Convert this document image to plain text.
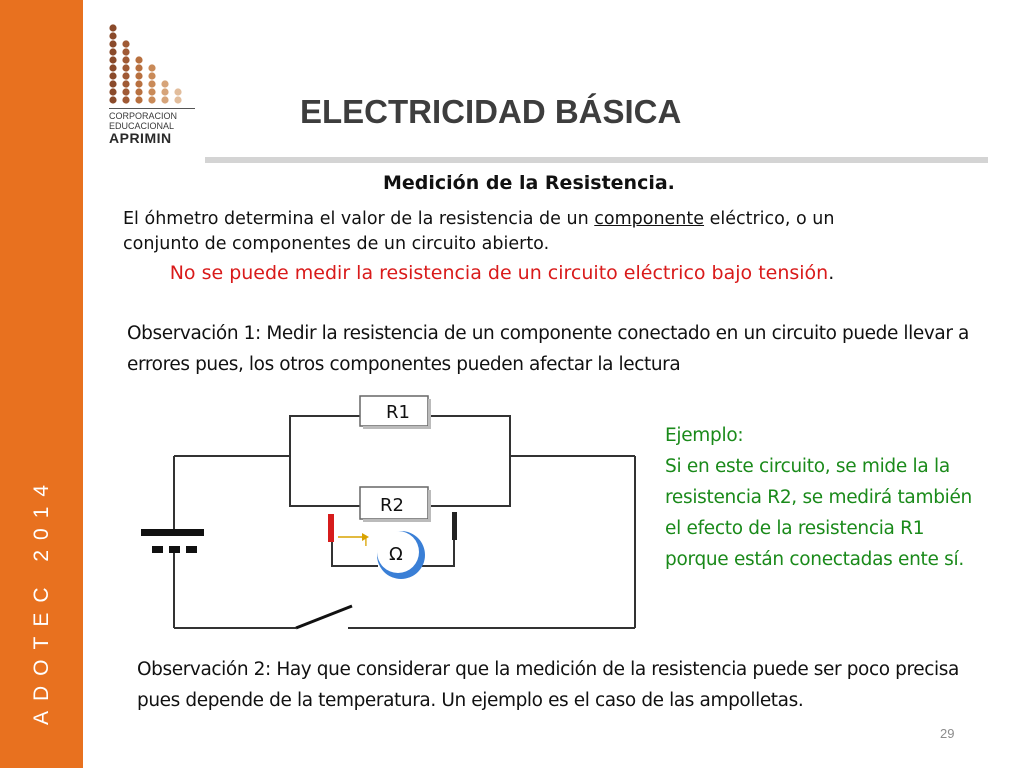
ADOTEC 2014
CORPORACION
EDUCACIONAL
APRIMIN
ELECTRICIDAD BÁSICA
Medición de la Resistencia.
El óhmetro determina el valor de la resistencia de un componente eléctrico, o un conjunto de componentes de un circuito abierto.
No se puede medir la resistencia de un circuito eléctrico bajo tensión.
Observación 1: Medir la resistencia de un componente conectado en un circuito puede llevar a errores pues, los otros componentes pueden afectar la lectura
R1
R2
I
Ω
Ejemplo:
Si en este circuito, se mide la la resistencia R2, se medirá también el efecto de la resistencia R1 porque están conectadas ente sí.
Observación 2: Hay que considerar que la medición de la resistencia puede ser poco precisa pues depende de la temperatura. Un ejemplo es el caso de las ampolletas.
29
